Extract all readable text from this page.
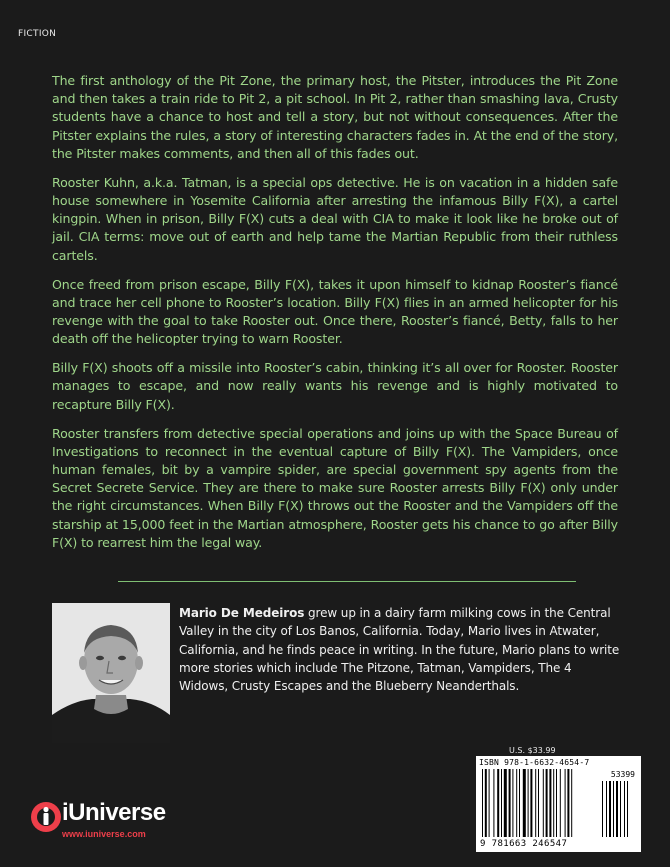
FICTION

The first anthology of the Pit Zone, the primary host, the Pitster, introduces the Pit Zone and then takes a train ride to Pit 2, a pit school. In Pit 2, rather than smashing lava, Crusty students have a chance to host and tell a story, but not without consequences. After the Pitster explains the rules, a story of interesting characters fades in. At the end of the story, the Pitster makes comments, and then all of this fades out.

Rooster Kuhn, a.k.a. Tatman, is a special ops detective. He is on vacation in a hidden safe house somewhere in Yosemite California after arresting the infamous Billy F(X), a cartel kingpin. When in prison, Billy F(X) cuts a deal with CIA to make it look like he broke out of jail. CIA terms: move out of earth and help tame the Martian Republic from their ruthless cartels.

Once freed from prison escape, Billy F(X), takes it upon himself to kidnap Rooster’s fiancé and trace her cell phone to Rooster’s location. Billy F(X) flies in an armed helicopter for his revenge with the goal to take Rooster out. Once there, Rooster’s fiancé, Betty, falls to her death off the helicopter trying to warn Rooster.

Billy F(X) shoots off a missile into Rooster’s cabin, thinking it’s all over for Rooster. Rooster manages to escape, and now really wants his revenge and is highly motivated to recapture Billy F(X).

Rooster transfers from detective special operations and joins up with the Space Bureau of Investigations to reconnect in the eventual capture of Billy F(X). The Vampiders, once human females, bit by a vampire spider, are special government spy agents from the Secret Secrete Service. They are there to make sure Rooster arrests Billy F(X) only under the right circumstances. When Billy F(X) throws out the Rooster and the Vampiders off the starship at 15,000 feet in the Martian atmosphere, Rooster gets his chance to go after Billy F(X) to rearrest him the legal way.

Mario De Medeiros grew up in a dairy farm milking cows in the Central Valley in the city of Los Banos, California. Today, Mario lives in Atwater, California, and he finds peace in writing. In the future, Mario plans to write more stories which include The Pitzone, Tatman, Vampiders, The 4 Widows, Crusty Escapes and the Blueberry Neanderthals.
U.S. $33.99
ISBN 978-1-6632-4654-7
53399
9 781663 246547
iUniverse
www.iuniverse.com
